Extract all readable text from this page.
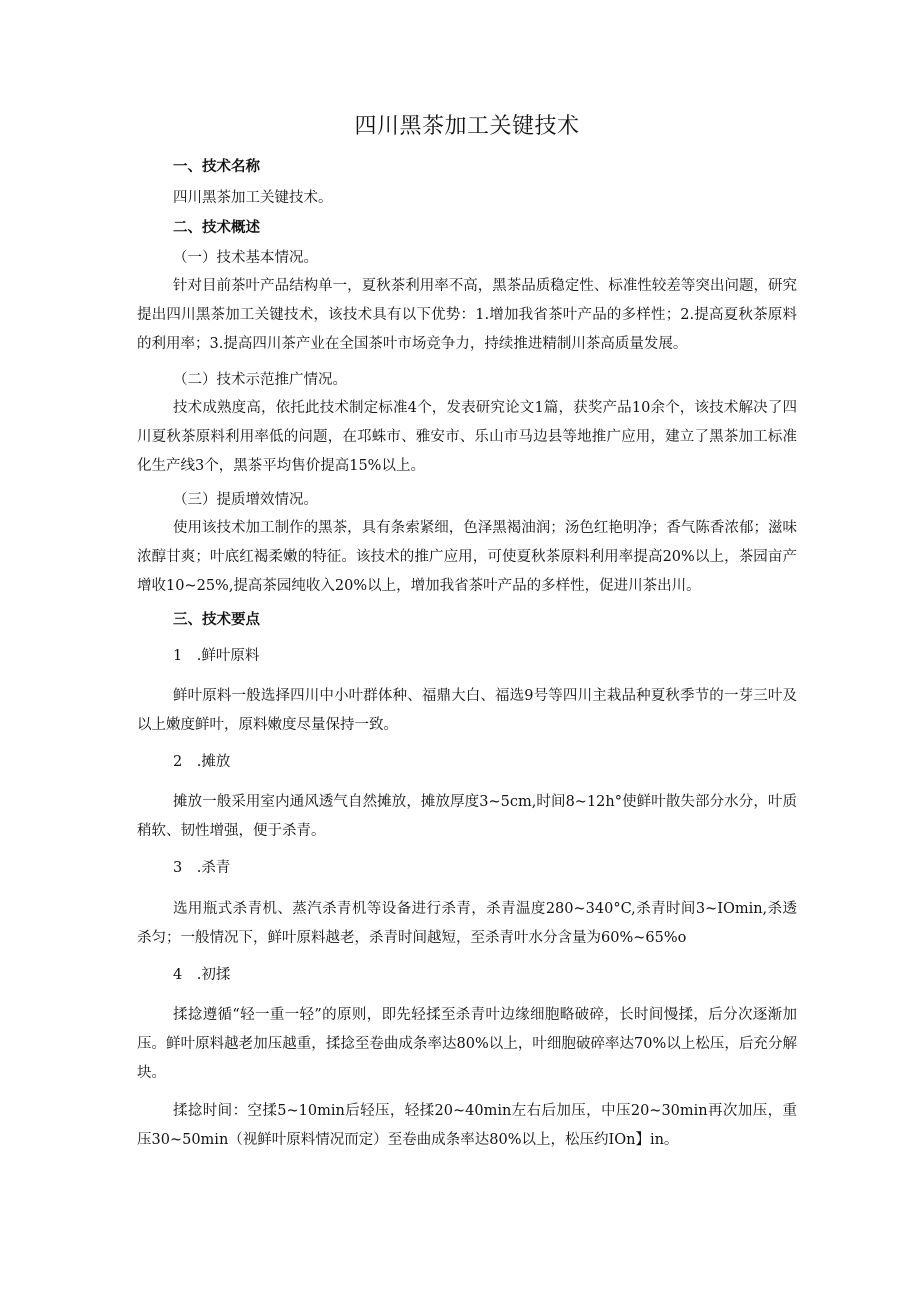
四川黑茶加工关键技术
一、技术名称
四川黑茶加工关键技术。
二、技术概述
（一）技术基本情况。
针对目前茶叶产品结构单一，夏秋茶利用率不高，黑茶品质稳定性、标准性较差等突出问题，研究提出四川黑茶加工关键技术，该技术具有以下优势：1.增加我省茶叶产品的多样性；2.提高夏秋茶原料的利用率；3.提高四川茶产业在全国茶叶市场竞争力，持续推进精制川茶高质量发展。
（二）技术示范推广情况。
技术成熟度高，依托此技术制定标准4个，发表研究论文1篇，获奖产品10余个，该技术解决了四川夏秋茶原料利用率低的问题，在邛蛛市、雅安市、乐山市马边县等地推广应用，建立了黑茶加工标准化生产线3个，黑茶平均售价提高15%以上。
（三）提质增效情况。
使用该技术加工制作的黑茶，具有条索紧细，色泽黑褐油润；汤色红艳明净；香气陈香浓郁；滋味浓醇甘爽；叶底红褐柔嫩的特征。该技术的推广应用，可使夏秋茶原料利用率提高20%以上，茶园亩产增收10~25%,提高茶园纯收入20%以上，增加我省茶叶产品的多样性，促进川茶出川。
三、技术要点
1　.鲜叶原料
鲜叶原料一般选择四川中小叶群体种、福鼎大白、福选9号等四川主栽品种夏秋季节的一芽三叶及以上嫩度鲜叶，原料嫩度尽量保持一致。
2　.摊放
摊放一般采用室内通风透气自然摊放，摊放厚度3~5cm,时间8~12h°使鲜叶散失部分水分，叶质稍软、韧性增强，便于杀青。
3　.杀青
选用瓶式杀青机、蒸汽杀青机等设备进行杀青，杀青温度280~340°C,杀青时间3~IOmin,杀透杀匀；一般情况下，鲜叶原料越老，杀青时间越短，至杀青叶水分含量为60%~65%o
4　.初揉
揉捻遵循“轻一重一轻”的原则，即先轻揉至杀青叶边缘细胞略破碎，长时间慢揉，后分次逐渐加压。鲜叶原料越老加压越重，揉捻至卷曲成条率达80%以上，叶细胞破碎率达70%以上松压，后充分解块。
揉捻时间：空揉5~10min后轻压，轻揉20~40min左右后加压，中压20~30min再次加压，重压30~50min（视鲜叶原料情况而定）至卷曲成条率达80%以上，松压约IOn】in。
